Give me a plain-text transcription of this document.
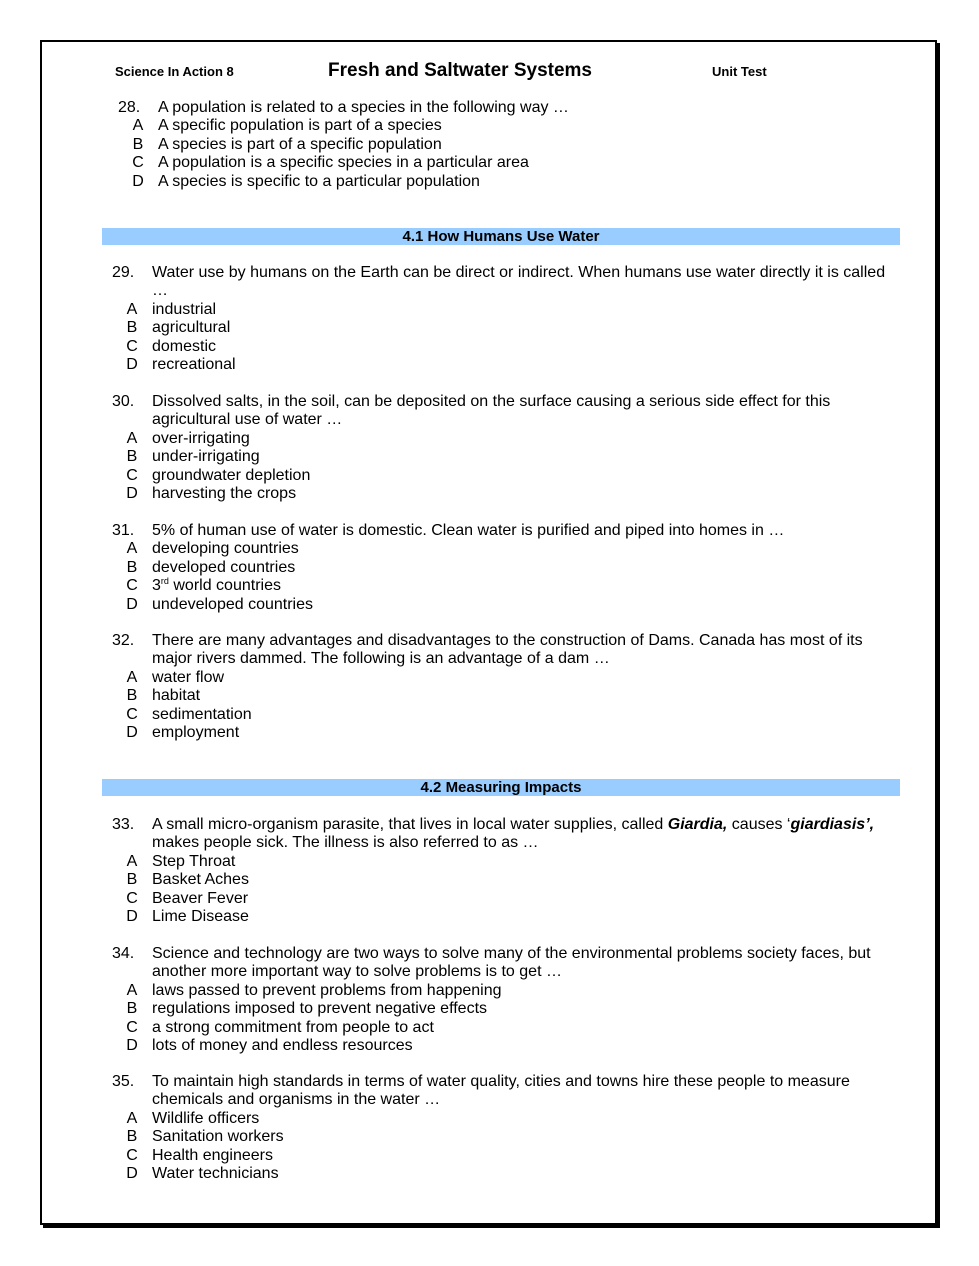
Science In Action 8	Fresh and Saltwater Systems	Unit Test
28.	A population is related to a species in the following way …
A A specific population is part of a species
B A species is part of a specific population
C A population is a specific species in a particular area
D A species is specific to a particular population
4.1 How Humans Use Water
29.	Water use by humans on the Earth can be direct or indirect. When humans use water directly it is called …
A industrial
B agricultural
C domestic
D recreational
30.	Dissolved salts, in the soil, can be deposited on the surface causing a serious side effect for this agricultural use of water …
A over-irrigating
B under-irrigating
C groundwater depletion
D harvesting the crops
31.	5% of human use of water is domestic. Clean water is purified and piped into homes in …
A developing countries
B developed countries
C 3rd world countries
D undeveloped countries
32.	There are many advantages and disadvantages to the construction of Dams. Canada has most of its major rivers dammed. The following is an advantage of a dam …
A water flow
B habitat
C sedimentation
D employment
4.2 Measuring Impacts
33.	A small micro-organism parasite, that lives in local water supplies, called Giardia, causes ‘giardiasis’, makes people sick. The illness is also referred to as …
A Step Throat
B Basket Aches
C Beaver Fever
D Lime Disease
34.	Science and technology are two ways to solve many of the environmental problems society faces, but another more important way to solve problems is to get …
A laws passed to prevent problems from happening
B regulations imposed to prevent negative effects
C a strong commitment from people to act
D lots of money and endless resources
35.	To maintain high standards in terms of water quality, cities and towns hire these people to measure chemicals and organisms in the water …
A Wildlife officers
B Sanitation workers
C Health engineers
D Water technicians
